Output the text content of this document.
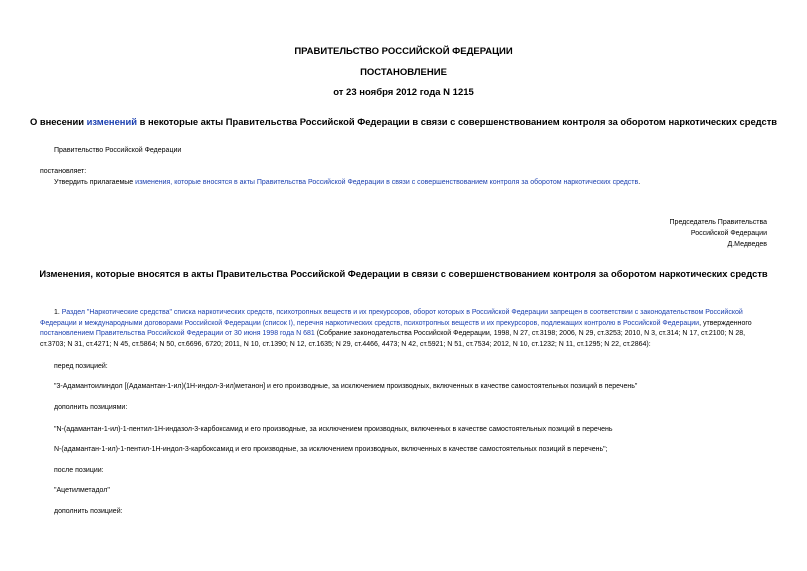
ПРАВИТЕЛЬСТВО РОССИЙСКОЙ ФЕДЕРАЦИИ
ПОСТАНОВЛЕНИЕ
от 23 ноября 2012 года N 1215
О внесении изменений в некоторые акты Правительства Российской Федерации в связи с совершенствованием контроля за оборотом наркотических средств
Правительство Российской Федерации
постановляет:
Утвердить прилагаемые изменения, которые вносятся в акты Правительства Российской Федерации в связи с совершенствованием контроля за оборотом наркотических средств.
Председатель Правительства
Российской Федерации
Д.Медведев
Изменения, которые вносятся в акты Правительства Российской Федерации в связи с совершенствованием контроля за оборотом наркотических средств
1. Раздел "Наркотические средства" списка наркотических средств, психотропных веществ и их прекурсоров, оборот которых в Российской Федерации запрещен в соответствии с законодательством Российской Федерации и международными договорами Российской Федерации (список I), перечня наркотических средств, психотропных веществ и их прекурсоров, подлежащих контролю в Российской Федерации, утвержденного постановлением Правительства Российской Федерации от 30 июня 1998 года N 681 (Собрание законодательства Российской Федерации, 1998, N 27, ст.3198; 2006, N 29, ст.3253; 2010, N 3, ст.314; N 17, ст.2100; N 28, ст.3703; N 31, ст.4271; N 45, ст.5864; N 50, ст.6696, 6720; 2011, N 10, ст.1390; N 12, ст.1635; N 29, ст.4466, 4473; N 42, ст.5921; N 51, ст.7534; 2012, N 10, ст.1232; N 11, ст.1295; N 22, ст.2864):
перед позицией:
"3-Адамантоилиндол [(Адамантан-1-ил)(1Н-индол-3-ил)метанон] и его производные, за исключением производных, включенных в качестве самостоятельных позиций в перечень"
дополнить позициями:
"N-(адамантан-1-ил)-1-пентил-1Н-индазол-3-карбоксамид и его производные, за исключением производных, включенных в качестве самостоятельных позиций в перечень
N-(адамантан-1-ил)-1-пентил-1Н-индол-3-карбоксамид и его производные, за исключением производных, включенных в качестве самостоятельных позиций в перечень";
после позиции:
"Ацетилметадол"
дополнить позицией:
